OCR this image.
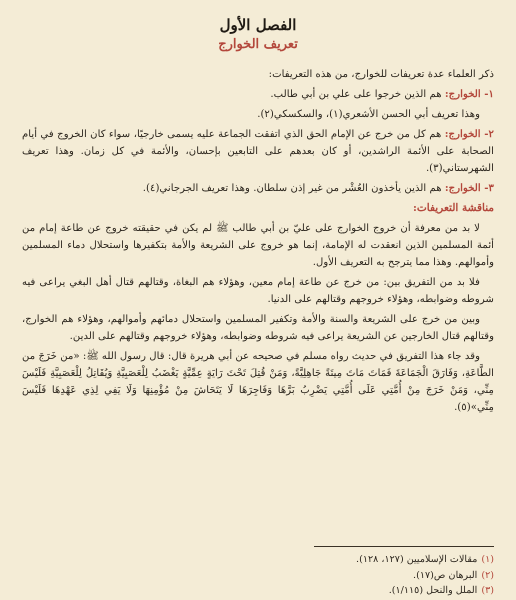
الفصل الأول
تعريف الخوارج

ذكر العلماء عدة تعريفات للخوارج، من هذه التعريفات:

١- الخوارج: هم الذين خرجوا على علي بن أبي طالب.

وهذا تعريف أبي الحسن الأشعري(١)، والسكسكي(٢).

٢- الخوارج: هم كل من خرج عن الإمام الحق الذي اتفقت الجماعة عليه يسمى خارجيًا، سواء كان الخروج في أيام الصحابة على الأئمة الراشدين، أو كان بعدهم على التابعين بإحسان، والأئمة في كل زمان. وهذا تعريف الشهرستاني(٣).

٣- الخوارج: هم الذين يأخذون العُشْر من غير إذن سلطان. وهذا تعريف الجرجاني(٤).

مناقشة التعريفات:

لا بد من معرفة أن خروج الخوارج على عليّ بن أبي طالب ﷺ لم يكن في حقيقته خروج عن طاعة إمام من أئمة المسلمين الذين انعقدت له الإمامة، إنما هو خروج على الشريعة والأمة بتكفيرها واستحلال دماء المسلمين وأموالهم. وهذا مما يترجح به التعريف الأول.

فلا بد من التفريق بين: من خرج عن طاعة إمام معين، وهؤلاء هم البغاة، وقتالهم قتال أهل البغي يراعى فيه شروطه وضوابطه، وهؤلاء خروجهم وقتالهم على الدنيا.

وبين من خرج على الشريعة والسنة والأمة وتكفير المسلمين واستحلال دمائهم وأموالهم، وهؤلاء هم الخوارج، وقتالهم قتال الخارجين عن الشريعة يراعى فيه شروطه وضوابطه، وهؤلاء خروجهم وقتالهم على الدين.

وقد جاء هذا التفريق في حديث رواه مسلم في صحيحه عن أبي هريرة قال: قال رسول الله ﷺ: «من خَرَجَ من الطَّاعَةِ، وَفَارَقَ الْجَمَاعَةَ فَمَاتَ مَاتَ مِيتَةً جَاهِلِيَّةً، وَمَنْ قُتِلَ تَحْتَ رَايَةٍ عِمِّيَّةٍ يَغْضَبُ لِلْعَصَبِيَّةِ وَيُقَاتِلُ لِلْعَصَبِيَّةِ فَلَيْسَ مِنِّي، وَمَنْ خَرَجَ مِنْ أُمَّتِي عَلَى أُمَّتِي يَضْرِبُ بَرَّهَا وَفَاجِرَهَا لَا يَتَحَاشَ مِنْ مُؤْمِنِهَا وَلَا يَفِي لِذِي عَهْدِهَا فَلَيْسَ مِنِّي»(٥).

(١)
مقالات الإسلاميين (١٢٧، ١٢٨).
(٢)
البرهان ص(١٧).
(٣)
الملل والنحل (١/١١٥).
